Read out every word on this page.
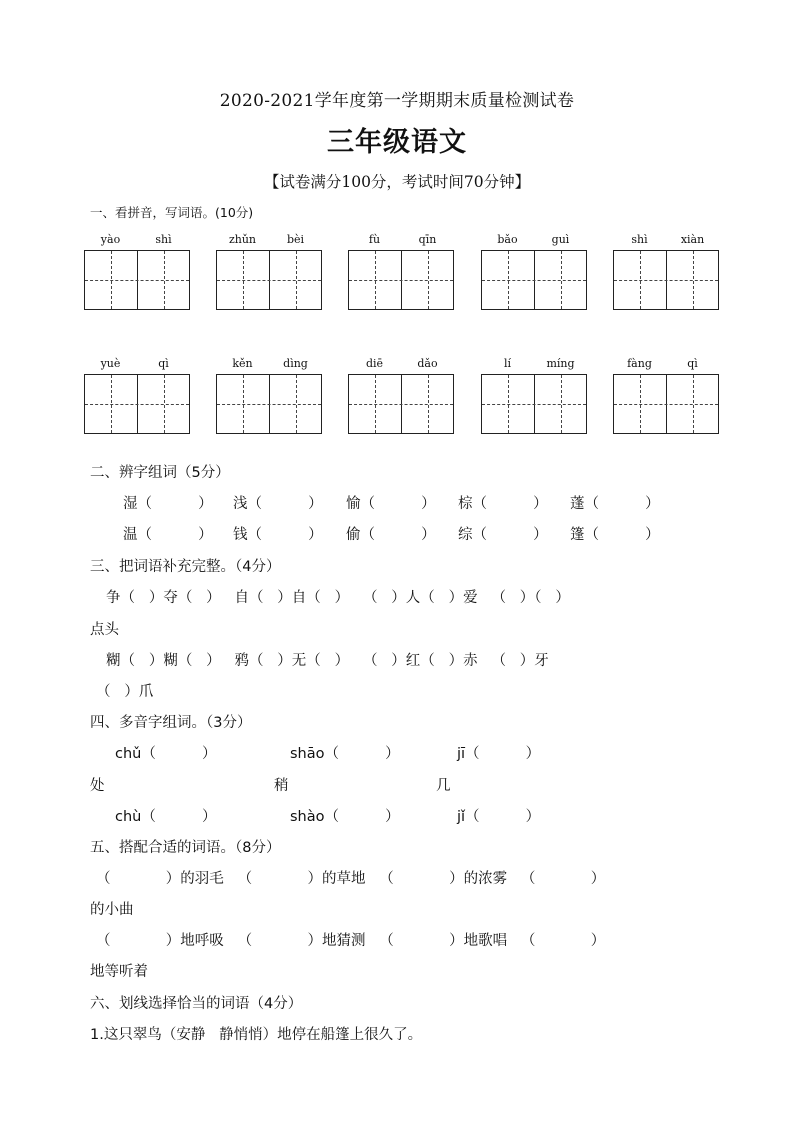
2020-2021学年度第一学期期末质量检测试卷
三年级语文
【试卷满分100分，考试时间70分钟】
一、看拼音，写词语。(10分)
yào	shì	zhǔn	bèi	fù	qīn	bǎo	guì	shì	xiàn
yuè	qì	kěn	dìng	diē	dǎo	lí	míng	fàng	qì
二、辨字组词（5分）
湿（          ） 浅（          ） 愉（          ） 棕（          ） 蓬（          ）
温（          ） 钱（          ） 偷（          ） 综（          ） 篷（          ）
三、把词语补充完整。（4分）
争（   ）夺（   ）   自（   ）自（   ）   （   ）人（   ）爱   （   ）（   ）
点头
糊（   ）糊（   ）   鸦（   ）无（   ）   （   ）红（   ）赤   （   ）牙
（   ）爪
四、多音字组词。（3分）
chǔ（          ）	shāo（          ）	jī（          ）
处	稍	几
chù（          ）	shào（          ）	jǐ（          ）
五、搭配合适的词语。（8分）
（            ）的羽毛   （            ）的草地   （            ）的浓雾   （            ）
的小曲
（            ）地呼吸   （            ）地猜测   （            ）地歌唱   （            ）
地等听着
六、划线选择恰当的词语（4分）
1.这只翠鸟（安静   静悄悄）地停在船篷上很久了。
